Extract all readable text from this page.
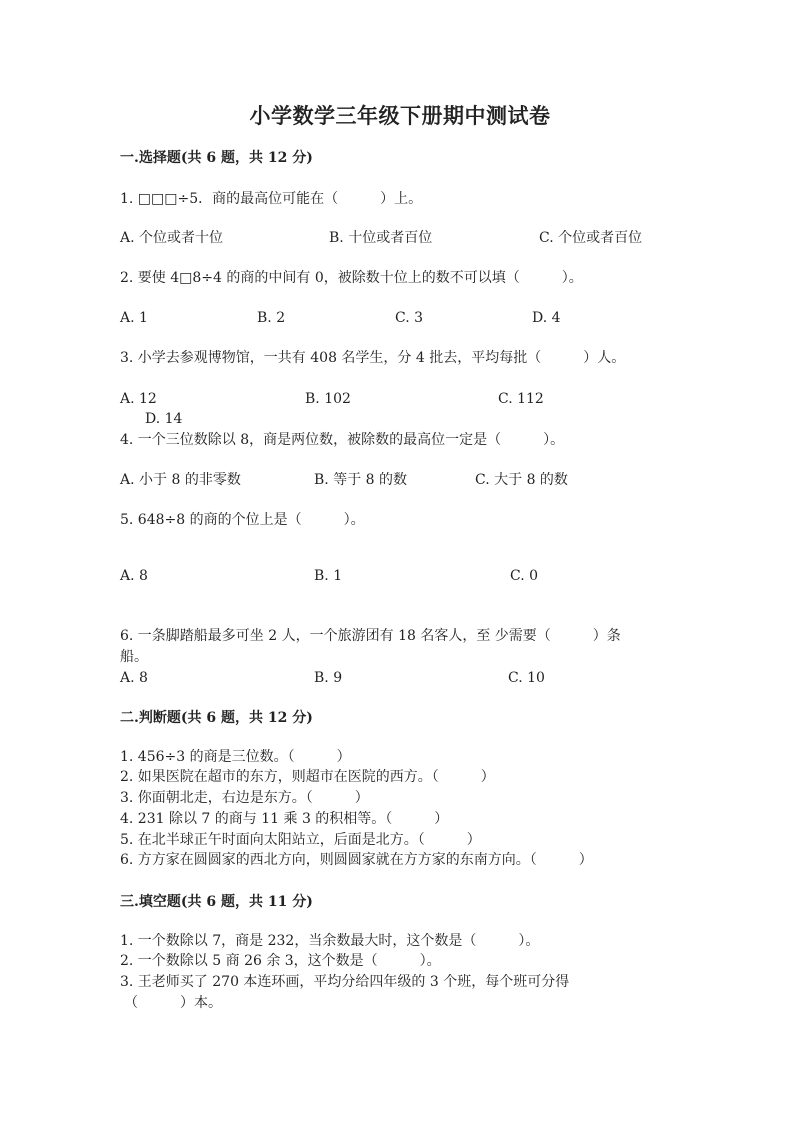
小学数学三年级下册期中测试卷
一.选择题(共 6 题，共 12 分)
1. □□□÷5．商的最高位可能在（　　　）上。
A. 个位或者十位	B. 十位或者百位	C. 个位或者百位
2. 要使 4□8÷4 的商的中间有 0，被除数十位上的数不可以填（　　　）。
A. 1	B. 2	C. 3	D. 4
3. 小学去参观博物馆，一共有 408 名学生，分 4 批去，平均每批（　　　）人。
A. 12	B. 102	C. 112
D. 14
4. 一个三位数除以 8，商是两位数，被除数的最高位一定是（　　　）。
A. 小于 8 的非零数	B. 等于 8 的数	C. 大于 8 的数
5. 648÷8 的商的个位上是（　　　）。
A. 8	B. 1	C. 0
6. 一条脚踏船最多可坐 2 人，一个旅游团有 18 名客人，至 少需要（　　　）条
船。
A. 8	B. 9	C. 10
二.判断题(共 6 题，共 12 分)
1. 456÷3 的商是三位数。（　　　）
2. 如果医院在超市的东方，则超市在医院的西方。（　　　）
3. 你面朝北走，右边是东方。（　　　）
4. 231 除以 7 的商与 11 乘 3 的积相等。（　　　）
5. 在北半球正午时面向太阳站立，后面是北方。（　　　）
6. 方方家在圆圆家的西北方向，则圆圆家就在方方家的东南方向。（　　　）
三.填空题(共 6 题，共 11 分)
1. 一个数除以 7，商是 232，当余数最大时，这个数是（　　　）。
2. 一个数除以 5 商 26 余 3，这个数是（　　　）。
3. 王老师买了 270 本连环画，平均分给四年级的 3 个班，每个班可分得
（　　　）本。
